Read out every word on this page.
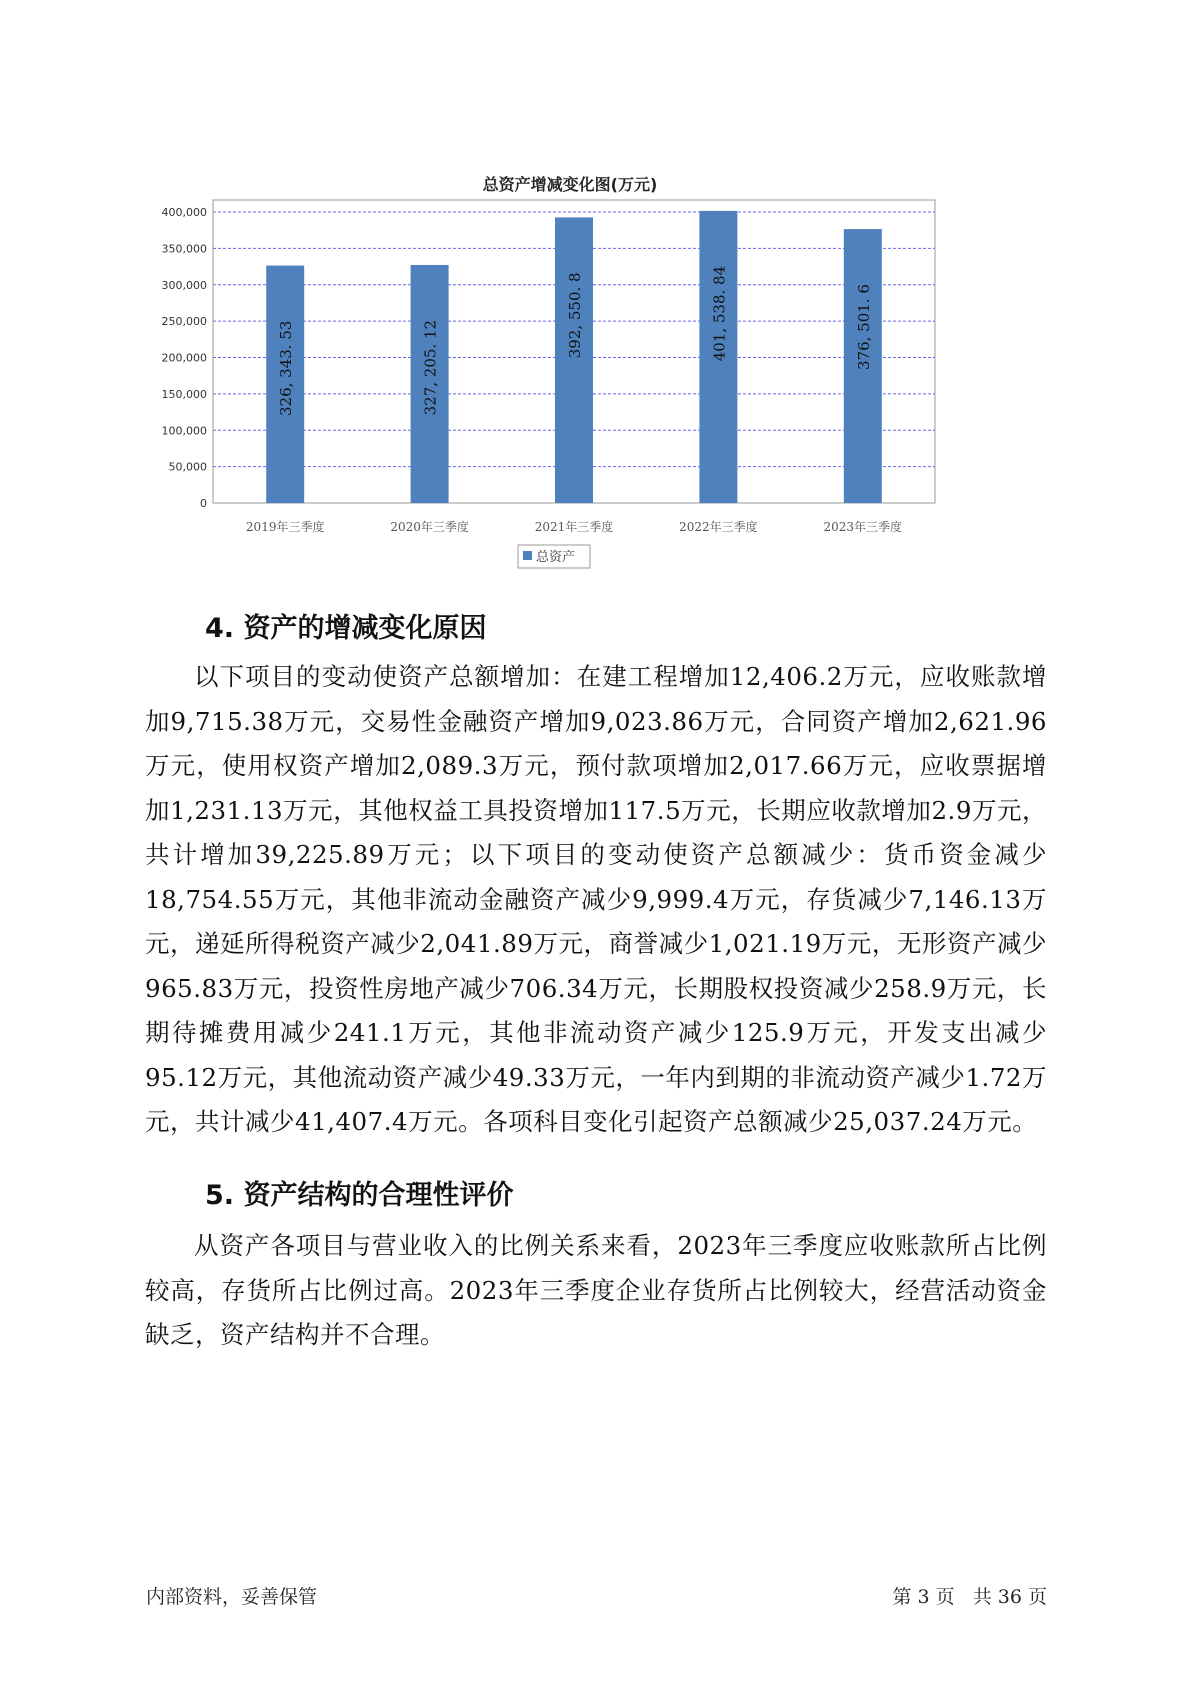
0
50,000
100,000
150,000
200,000
250,000
300,000
350,000
400,000
326, 343. 53
2019年三季度
327, 205. 12
2020年三季度
392, 550. 8
2021年三季度
401, 538. 84
2022年三季度
376, 501. 6
2023年三季度
总资产
总资产增减变化图(万元)
4. 资产的增减变化原因
以下项目的变动使资产总额增加：在建工程增加12,406.2万元，应收账款增加9,715.38万元，交易性金融资产增加9,023.86万元，合同资产增加2,621.96万元，使用权资产增加2,089.3万元，预付款项增加2,017.66万元，应收票据增加1,231.13万元，其他权益工具投资增加117.5万元，长期应收款增加2.9万元，共计增加39,225.89万元；以下项目的变动使资产总额减少：货币资金减少18,754.55万元，其他非流动金融资产减少9,999.4万元，存货减少7,146.13万元，递延所得税资产减少2,041.89万元，商誉减少1,021.19万元，无形资产减少965.83万元，投资性房地产减少706.34万元，长期股权投资减少258.9万元，长期待摊费用减少241.1万元，其他非流动资产减少125.9万元，开发支出减少95.12万元，其他流动资产减少49.33万元，一年内到期的非流动资产减少1.72万元，共计减少41,407.4万元。各项科目变化引起资产总额减少25,037.24万元。
5. 资产结构的合理性评价
从资产各项目与营业收入的比例关系来看，2023年三季度应收账款所占比例较高，存货所占比例过高。2023年三季度企业存货所占比例较大，经营活动资金缺乏，资产结构并不合理。
内部资料，妥善保管	第 3 页   共 36 页
